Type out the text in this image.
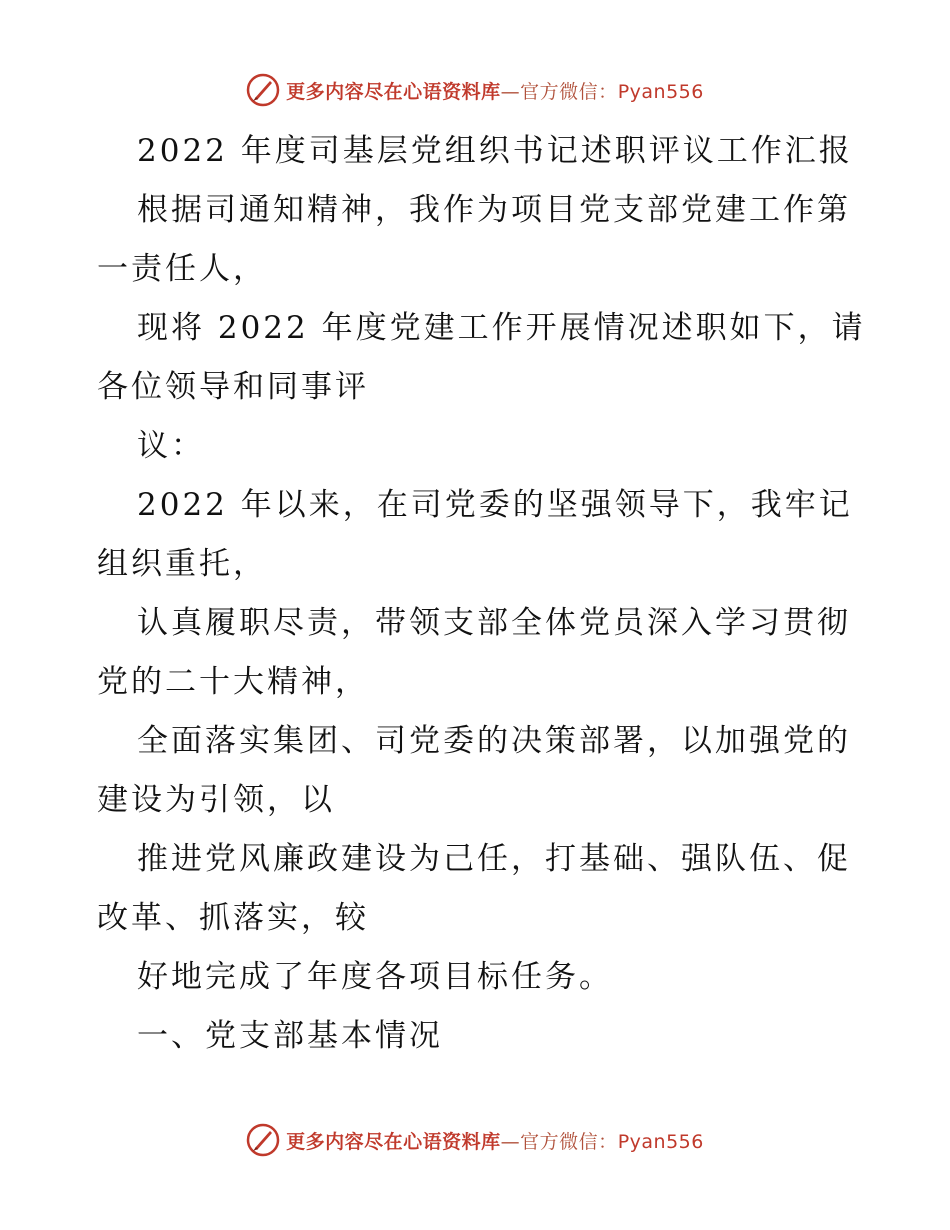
更多内容尽在心语资料库—官方微信：Pyan556
2022 年度司基层党组织书记述职评议工作汇报
根据司通知精神，我作为项目党支部党建工作第
一责任人，
现将 2022 年度党建工作开展情况述职如下，请
各位领导和同事评
议：
2022 年以来，在司党委的坚强领导下，我牢记
组织重托，
认真履职尽责，带领支部全体党员深入学习贯彻
党的二十大精神，
全面落实集团、司党委的决策部署，以加强党的
建设为引领，以
推进党风廉政建设为己任，打基础、强队伍、促
改革、抓落实，较
好地完成了年度各项目标任务。
一、党支部基本情况
更多内容尽在心语资料库—官方微信：Pyan556
